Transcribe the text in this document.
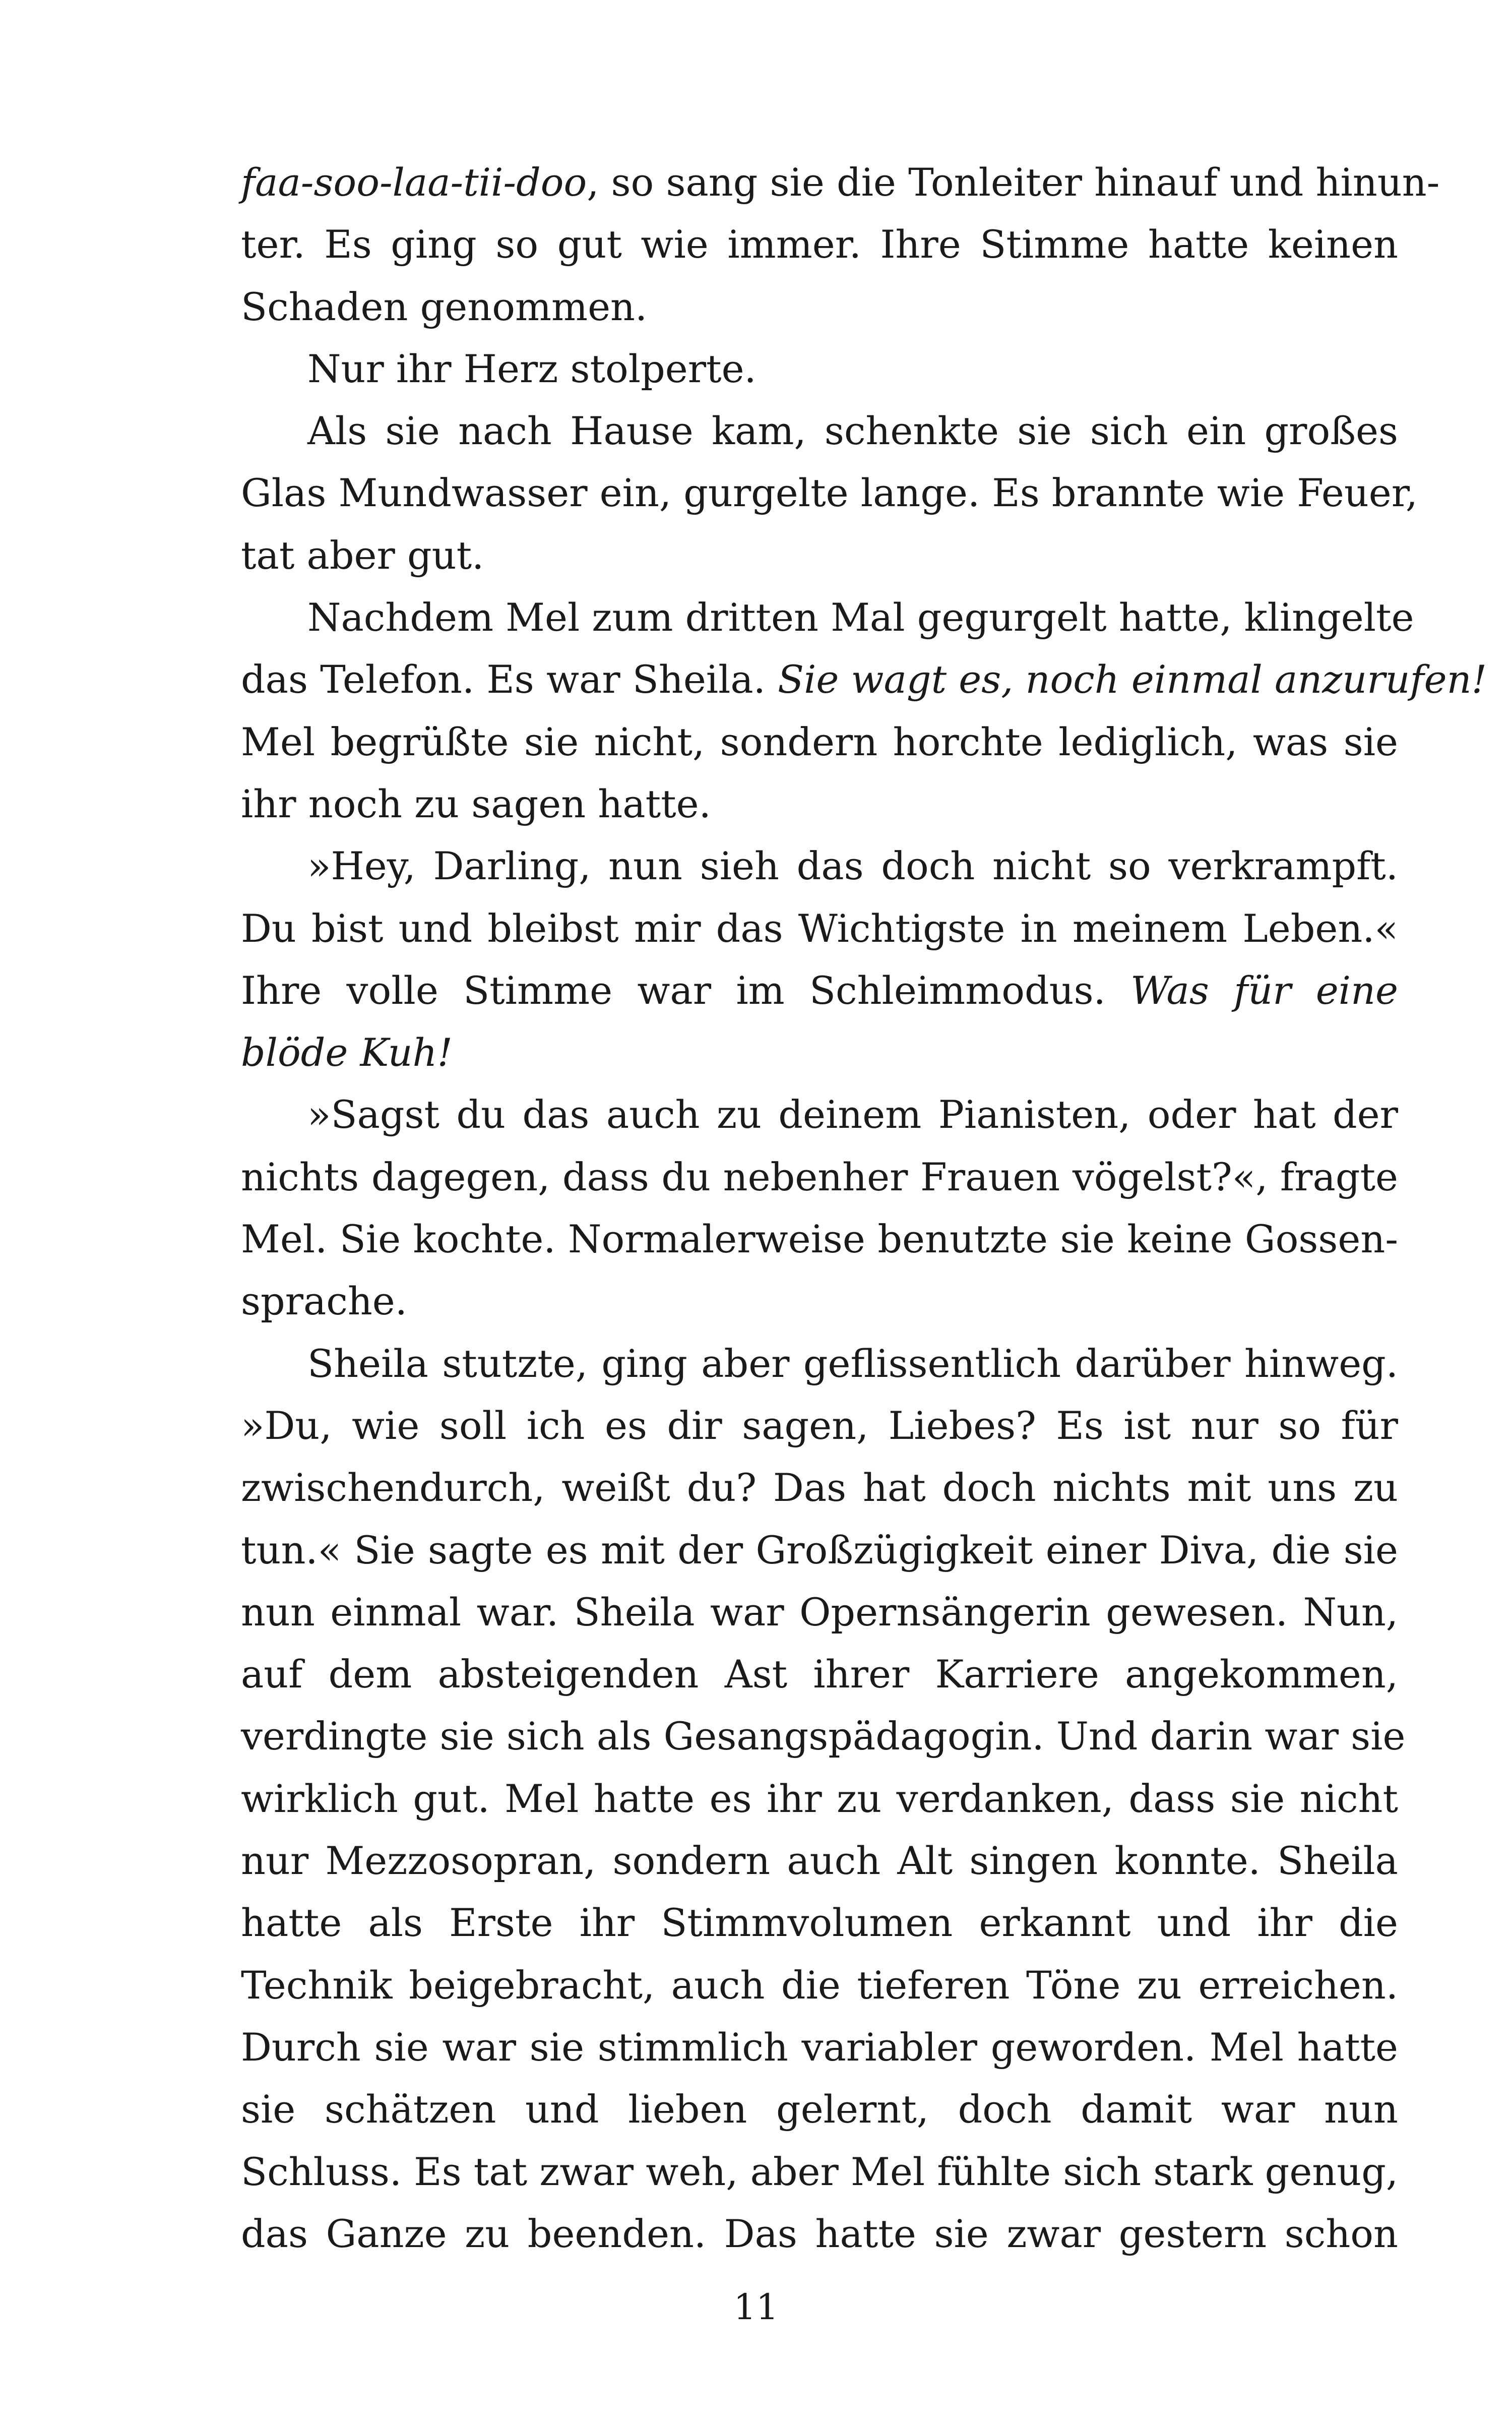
faa-soo-laa-tii-doo, so sang sie die Tonleiter hinauf und hinun-
ter. Es ging so gut wie immer. Ihre Stimme hatte keinen
Schaden genommen.
Nur ihr Herz stolperte.
Als sie nach Hause kam, schenkte sie sich ein großes
Glas Mundwasser ein, gurgelte lange. Es brannte wie Feuer,
tat aber gut.
Nachdem Mel zum dritten Mal gegurgelt hatte, klingelte
das Telefon. Es war Sheila. Sie wagt es, noch einmal anzurufen!
Mel begrüßte sie nicht, sondern horchte lediglich, was sie
ihr noch zu sagen hatte.
»Hey, Darling, nun sieh das doch nicht so verkrampft.
Du bist und bleibst mir das Wichtigste in meinem Leben.«
Ihre volle Stimme war im Schleimmodus. Was für eine
blöde Kuh!
»Sagst du das auch zu deinem Pianisten, oder hat der
nichts dagegen, dass du nebenher Frauen vögelst?«, fragte
Mel. Sie kochte. Normalerweise benutzte sie keine Gossen-
sprache.
Sheila stutzte, ging aber geflissentlich darüber hinweg.
»Du, wie soll ich es dir sagen, Liebes? Es ist nur so für
zwischendurch, weißt du? Das hat doch nichts mit uns zu
tun.« Sie sagte es mit der Großzügigkeit einer Diva, die sie
nun einmal war. Sheila war Opernsängerin gewesen. Nun,
auf dem absteigenden Ast ihrer Karriere angekommen,
verdingte sie sich als Gesangspädagogin. Und darin war sie
wirklich gut. Mel hatte es ihr zu verdanken, dass sie nicht
nur Mezzosopran, sondern auch Alt singen konnte. Sheila
hatte als Erste ihr Stimmvolumen erkannt und ihr die
Technik beigebracht, auch die tieferen Töne zu erreichen.
Durch sie war sie stimmlich variabler geworden. Mel hatte
sie schätzen und lieben gelernt, doch damit war nun
Schluss. Es tat zwar weh, aber Mel fühlte sich stark genug,
das Ganze zu beenden. Das hatte sie zwar gestern schon
11
